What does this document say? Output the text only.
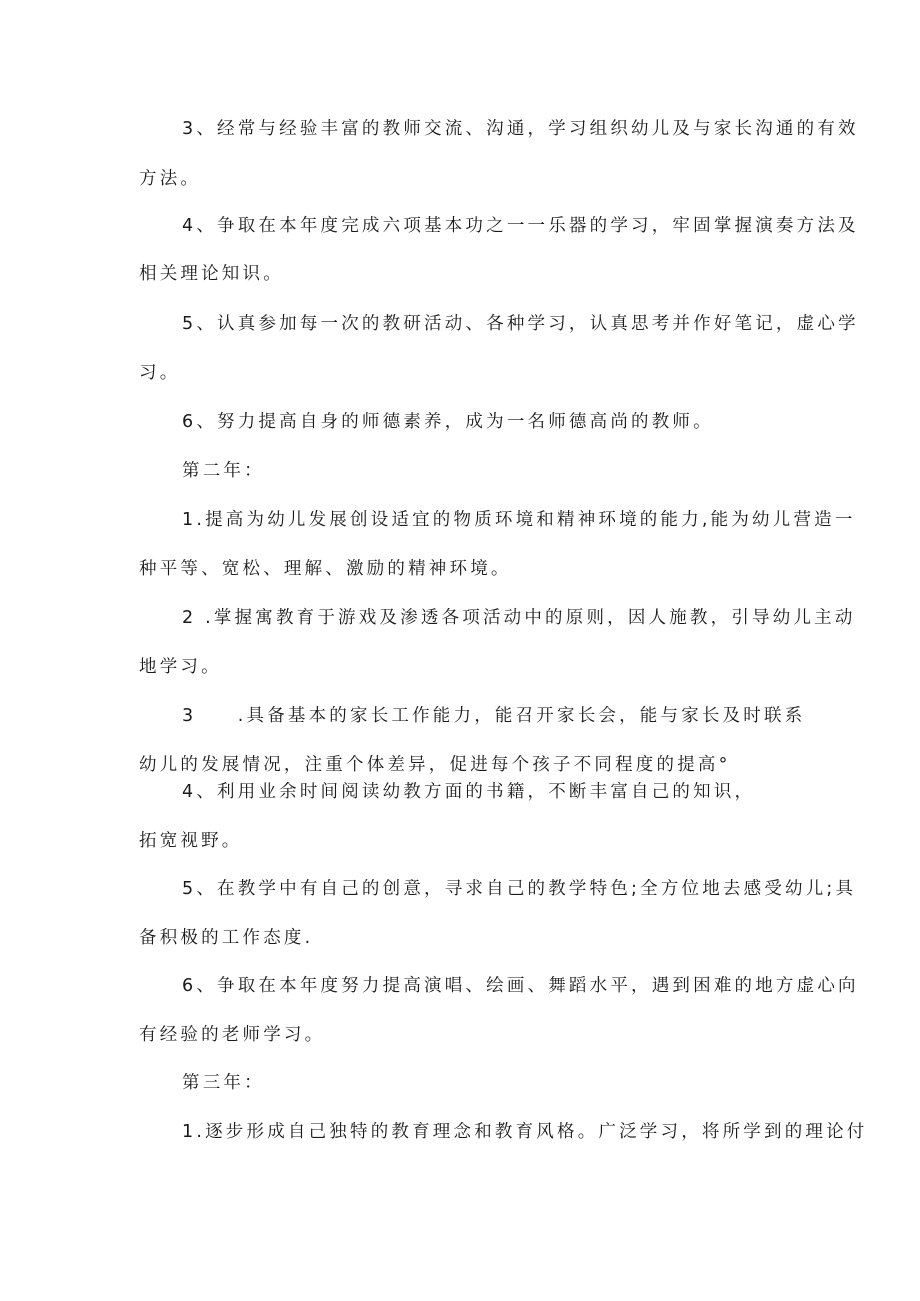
3、经常与经验丰富的教师交流、沟通，学习组织幼儿及与家长沟通的有效
方法。
4、争取在本年度完成六项基本功之一一乐器的学习，牢固掌握演奏方法及
相关理论知识。
5、认真参加每一次的教研活动、各种学习，认真思考并作好笔记，虚心学
习。
6、努力提高自身的师德素养，成为一名师德高尚的教师。
第二年：
1.提高为幼儿发展创设适宜的物质环境和精神环境的能力,能为幼儿营造一
种平等、宽松、理解、激励的精神环境。
2 .掌握寓教育于游戏及渗透各项活动中的原则，因人施教，引导幼儿主动
地学习。
3　　.具备基本的家长工作能力，能召开家长会，能与家长及时联系
幼儿的发展情况，注重个体差异，促进每个孩子不同程度的提高°
4、利用业余时间阅读幼教方面的书籍，不断丰富自己的知识，
拓宽视野。
5、在教学中有自己的创意，寻求自己的教学特色;全方位地去感受幼儿;具
备积极的工作态度.
6、争取在本年度努力提高演唱、绘画、舞蹈水平，遇到困难的地方虚心向
有经验的老师学习。
第三年：
1.逐步形成自己独特的教育理念和教育风格。广泛学习，将所学到的理论付
